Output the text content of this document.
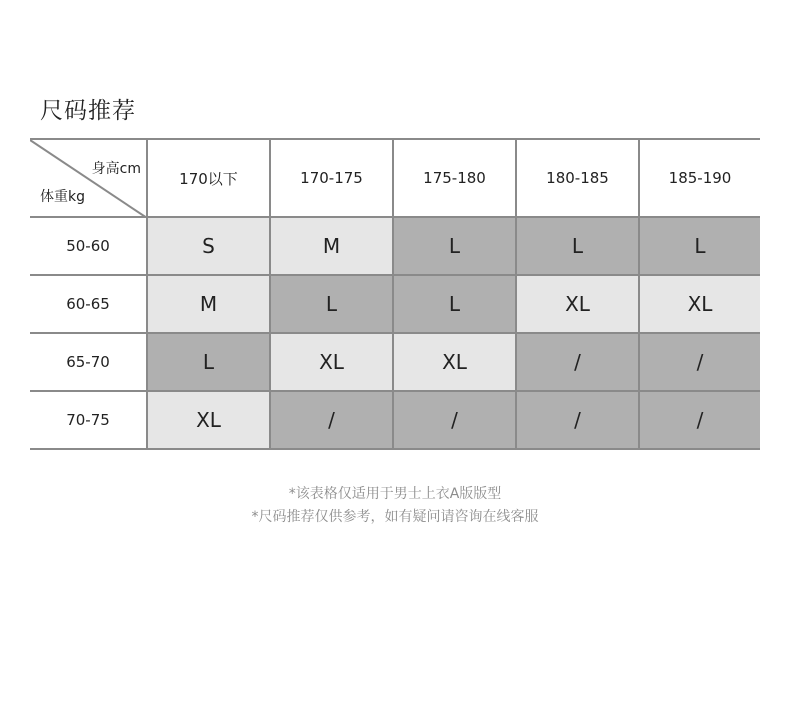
尺码推荐
身高cm
体重kg	170以下	170-175	175-180	180-185	185-190
50-60	S	M	L	L	L
60-65	M	L	L	XL	XL
65-70	L	XL	XL	/	/
70-75	XL	/	/	/	/
*该表格仅适用于男士上衣A版版型
*尺码推荐仅供参考，如有疑问请咨询在线客服
